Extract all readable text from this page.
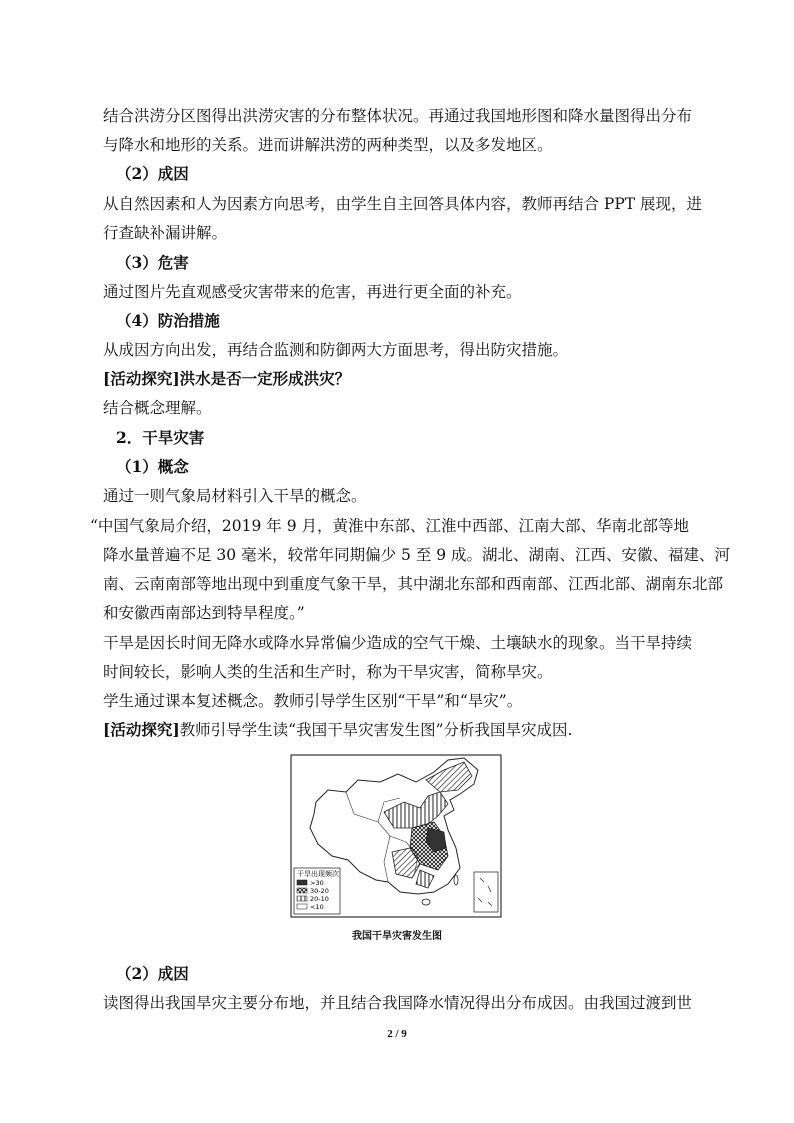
结合洪涝分区图得出洪涝灾害的分布整体状况。再通过我国地形图和降水量图得出分布
与降水和地形的关系。进而讲解洪涝的两种类型，以及多发地区。
（2）成因
从自然因素和人为因素方向思考，由学生自主回答具体内容，教师再结合 PPT 展现，进
行查缺补漏讲解。
（3）危害
通过图片先直观感受灾害带来的危害，再进行更全面的补充。
（4）防治措施
从成因方向出发，再结合监测和防御两大方面思考，得出防灾措施。
[活动探究]洪水是否一定形成洪灾？
结合概念理解。
2．干旱灾害
（1）概念
通过一则气象局材料引入干旱的概念。
“中国气象局介绍，2019 年 9 月，黄淮中东部、江淮中西部、江南大部、华南北部等地
降水量普遍不足 30 毫米，较常年同期偏少 5 至 9 成。湖北、湖南、江西、安徽、福建、河
南、云南南部等地出现中到重度气象干旱，其中湖北东部和西南部、江西北部、湖南东北部
和安徽西南部达到特旱程度。”
干旱是因长时间无降水或降水异常偏少造成的空气干燥、土壤缺水的现象。当干旱持续
时间较长，影响人类的生活和生产时，称为干旱灾害，简称旱灾。
学生通过课本复述概念。教师引导学生区别“干旱”和“旱灾”。
[活动探究]教师引导学生读“我国干旱灾害发生图”分析我国旱灾成因.
干旱出现频次
>30
30-20
20-10
<10
我国干旱灾害发生图
（2）成因
读图得出我国旱灾主要分布地，并且结合我国降水情况得出分布成因。由我国过渡到世
2 / 9
